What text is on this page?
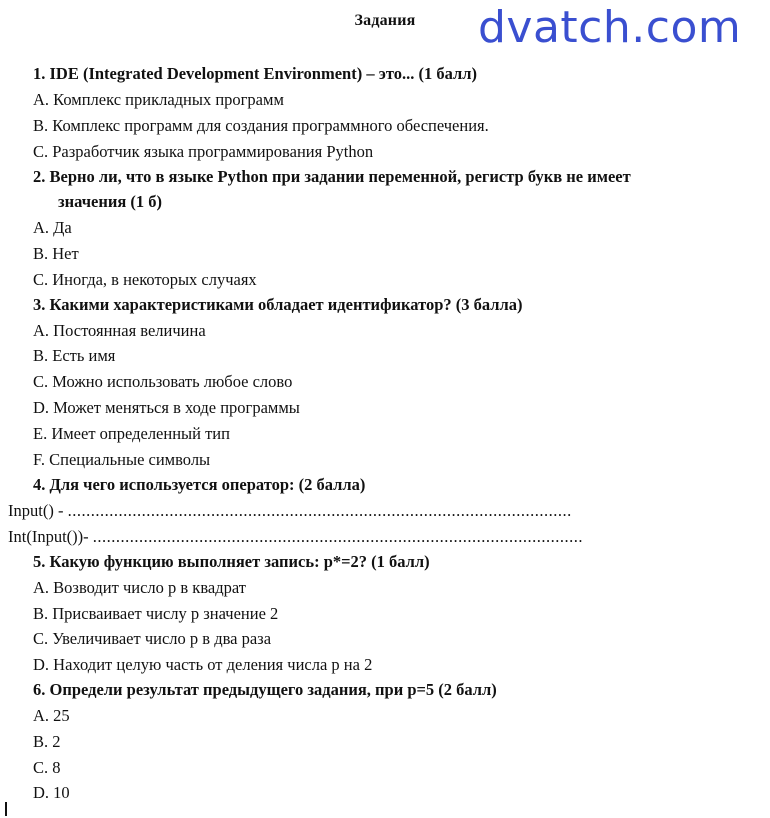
Задания	dvatch.com
1. IDE (Integrated Development Environment) – это... (1 балл)
A. Комплекс прикладных программ
B. Комплекс программ для создания программного обеспечения.
C. Разработчик языка программирования Python
2. Верно ли, что в языке Python при задании переменной, регистр букв не имеет
значения (1 б)
A. Да
B. Нет
C. Иногда, в некоторых случаях
3. Какими характеристиками обладает идентификатор? (3 балла)
A. Постоянная величина
B. Есть имя
C. Можно использовать любое слово
D. Может меняться в ходе программы
E. Имеет определенный тип
F. Специальные символы
4. Для чего используется оператор: (2 балла)
Input() - .............................................................................................................
Int(Input())- ..........................................................................................................
5. Какую функцию выполняет запись: p*=2? (1 балл)
A. Возводит число p в квадрат
B. Присваивает числу p значение 2
C. Увеличивает число p в два раза
D. Находит целую часть от деления числа p на 2
6. Определи результат предыдущего задания, при p=5 (2 балл)
A. 25
B. 2
C. 8
D. 10
